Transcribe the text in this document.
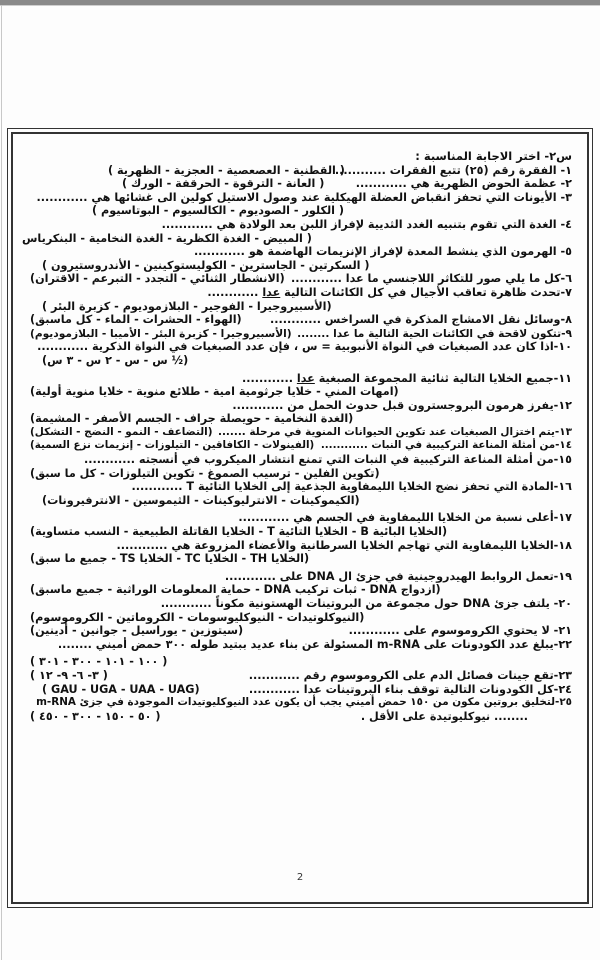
س٢- اختر الاجابة المناسبة :
١- الفقرة رقم (٢٥) تتبع الفقرات ............
( القطنية - العصعصية - العجزية - الظهرية )
٢- عظمة الحوض الظهرية هي ............
( العانة - الترقوة - الحرقفة - الورك )
٣- الأيونات التي تحفز انقباض العضلة الهيكلية عند وصول الاستيل كولين الى غشائها هي ............
( الكلور - الصوديوم - الكالسيوم - البوتاسيوم )
٤- الغدة التي تقوم بتنبيه الغدد الثديية لإفراز اللبن بعد الولادة هي ............
( المبيض - الغدة الكظرية - الغدة النخامية - البنكرياس
٥- الهرمون الذي ينشط المعدة لإفراز الإنزيمات الهاضمة هو ............
( السكرتين - الجاسترين - الكوليستوكينين - الأندروستيرون )
٦-كل ما يلي صور للتكاثر اللاجنسي ما عدا ............
(الانشطار الثنائي - التجدد - التبرعم - الاقتران)
٧-تحدث ظاهرة تعاقب الأجيال في كل الكائنات التالية عدا ............
(الأسبيروجيرا - الفوجير - البلازموديوم - كزبرة البئر )
٨-وسائل نقل الامشاج المذكرة في السراخس ............
(الهواء - الحشرات - الماء - كل ماسبق)
٩-تتكون لاقحة في الكائنات الحية التالية ما عدا ........
(الأسبيروجيرا - كزبرة البئر - الأميبا - البلازموديوم)
١٠-اذا كان عدد الصبغيات في النواة الأنبوبية = س ، فإن عدد الصبغيات في النواة الذكرية ............
(½ س - س - ٢ س - ٣ س)
١١-جميع الخلايا التالية ثنائية المجموعة الصبغية عدا ............
(امهات المني - خلايا جرثومية امية - طلائع منوية - خلايا منوية أولية)
١٢-يفرز هرمون البروجسترون قبل حدوث الحمل من ............
(الغدة النخامية - حويصلة جراف - الجسم الأصفر - المشيمة)
١٣-يتم اختزال الصبغيات عند تكوين الحيوانات المنوية في مرحلة .......
(التضاعف - النمو - النضج - التشكل)
١٤-من أمثلة المناعة التركيبية في النبات ............
(الفينولات - الكافاقين - التيلوزات - إنزيمات نزع السمية)
١٥-من أمثلة المناعة التركيبية في النبات التي تمنع انتشار الميكروب في أنسجته ............
(تكوين الفلين - ترسيب الصموغ - تكوين التيلوزات - كل ما سبق)
١٦-المادة التي تحفز نضج الخلايا الليمفاوية الجذعية إلى الخلايا التائية T ............
(الكيموكينات - الانترليوكينات - الثيموسين - الانترفيرونات)
١٧-أعلى نسبة من الخلايا الليمفاوية في الجسم هي ............
(الخلايا البائية B - الخلايا التائية T - الخلايا القاتلة الطبيعية - النسب متساوية)
١٨-الخلايا الليمفاوية التي تهاجم الخلايا السرطانية والأعضاء المزروعة هي ............
(الخلايا TH - الخلايا TC - الخلايا TS - جميع ما سبق)
١٩-تعمل الروابط الهيدروجينية في جزئ ال DNA على ............
(ازدواج DNA - ثبات تركيب DNA - حماية المعلومات الوراثية - جميع ماسبق)
٢٠- يلتف جزئ DNA حول مجموعة من البروتينات الهستونية مكوناً ............
(النيوكلوتيدات - النيوكليوسومات - الكروماتين - الكروموسوم)
٢١- لا يحتوي الكروموسوم على ............
(سيتوزين - يوراسيل - جوانين - أدينين)
٢٢-يبلغ عدد الكودونات على m-RNA المسئولة عن بناء عديد ببتيد طوله ٣٠٠ حمض أميني ........
( ١٠٠ - ١٠١ - ٣٠٠ - ٣٠١ )
٢٣-تقع جينات فصائل الدم على الكروموسوم رقم ............
( ٣- ٦- ٩- ١٢ )
٢٤-كل الكودونات التالية توقف بناء البروتينات عدا ............
(GAU - UGA - UAA - UAG )
٢٥-لتخليق بروتين مكون من ١٥٠ حمض أميني يجب أن يكون عدد النيوكليوتيدات الموجودة في جزئ m-RNA
........ نيوكليوتيدة على الأقل .
( ٥٠ - ١٥٠ - ٣٠٠ - ٤٥٠ )
2
